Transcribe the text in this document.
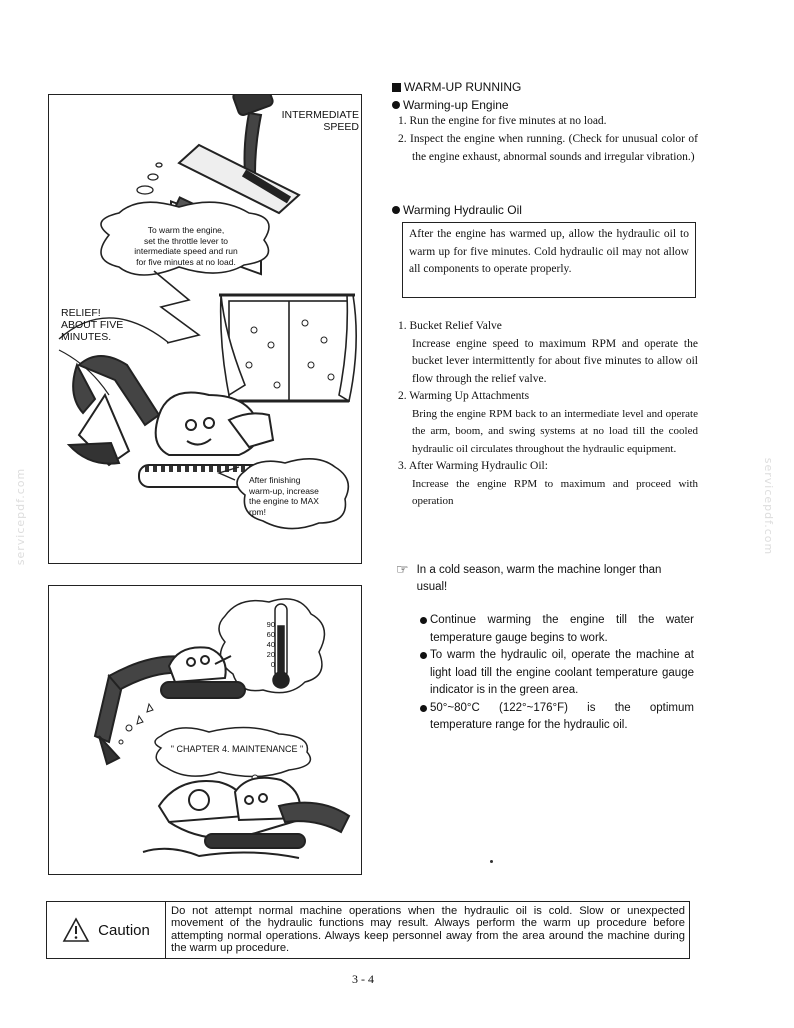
servicepdf.com	servicepdf.com
INTERMEDIATE
SPEED
To warm the engine,
set the throttle lever to
intermediate speed and run
for five minutes at no load.
RELIEF!
ABOUT FIVE
MINUTES.
After finishing
warm-up, increase
the engine to MAX
rpm!
90
60
40
20
0
" CHAPTER 4. MAINTENANCE "
WARM-UP RUNNING
Warming-up Engine
1. Run the engine for five minutes at no load.
2. Inspect the engine when running. (Check for unusual color of the engine exhaust, abnormal sounds and irregular vibration.)
Warming Hydraulic Oil
After the engine has warmed up, allow the hydraulic oil to warm up for five minutes. Cold hydraulic oil may not allow all components to operate properly.
1. Bucket Relief Valve
Increase engine speed to maximum RPM and operate the bucket lever intermittently for about five minutes to allow oil flow through the relief valve.
2. Warming Up Attachments
Bring the engine RPM back to an intermediate level and operate the arm, boom, and swing systems at no load till the cooled hydraulic oil circulates throughout the hydraulic equipment.
3. After Warming Hydraulic Oil:
Increase the engine RPM to maximum and proceed with operation
☞ In a cold season, warm the machine longer than usual!
Continue warming the engine till the water temperature gauge begins to work.
To warm the hydraulic oil, operate the machine at light load till the engine coolant temperature gauge indicator is in the green area.
50°~80°C (122°~176°F) is the optimum temperature range for the hydraulic oil.
Caution
Do not attempt normal machine operations when the hydraulic oil is cold. Slow or unexpected movement of the hydraulic functions may result. Always perform the warm up procedure before attempting normal operations. Always keep personnel away from the area around the machine during the warm up procedure.
3-4
